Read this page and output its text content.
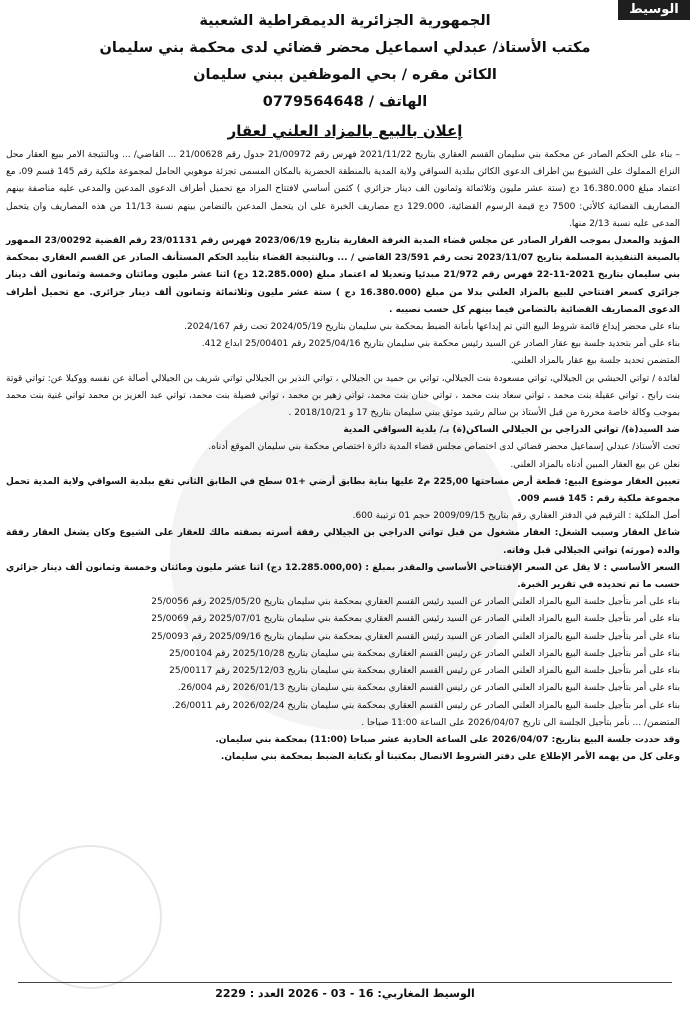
الوسيط
الجمهورية الجزائرية الديمقراطية الشعبية
مكتب الأستاذ/ عبدلي اسماعيل محضر قضائي لدى محكمة بني سليمان
الكائن مقره / بحي الموظفين ببني سليمان
الهاتف / 0779564648
إعلان بالبيع بالمزاد العلني لعقار

– بناء على الحكم الصادر عن محكمة بني سليمان القسم العقاري بتاريخ 2021/11/22 فهرس رقم 21/00972 جدول رقم 21/00628 ... القاضي/ ... وبالنتيجة الامر ببيع العقار محل النزاع المملوك على الشيوع بين اطراف الدعوى الكائن ببلدية السواقي ولاية المدية بالمنطقة الحضرية بالمكان المسمى تجزئة موهوبي الحامل لمجموعة ملكية رقم 145 قسم 09، مع اعتماد مبلغ 16.380.000 دج (ستة عشر مليون وثلاثمائة وثمانون الف دينار جزائري ) كثمن أساسي لافتتاح المزاد مع تحميل أطراف الدعوى المدعين والمدعى عليه مناصفة بينهم المصاريف القضائية كالأتي: 7500 دج قيمة الرسوم القضائية، 129.000 دج مصاريف الخبرة على ان يتحمل المدعين بالتضامن بينهم نسبة 11/13 من هذه المصاريف وان يتحمل المدعى عليه نسبة 2/13 منها.

المؤيد والمعدل بموجب القرار الصادر عن مجلس قضاء المدية الغرفة العقارية بتاريخ 2023/06/19 فهرس رقم 23/01131 رقم القضية 23/00292 الممهور بالصيغة التنفيذية المسلمة بتاريخ 2023/11/07 تحت رقم 23/591 القاضي / ... وبالنتيجة القضاء بتأييد الحكم المستأنف الصادر عن القسم العقاري بمحكمة بني سليمان بتاريخ 2021-11-22 فهرس رقم 21/972 مبدئيا وتعديلا له اعتماد مبلغ (12.285.000 دج) اثنا عشر مليون ومائتان وخمسة وثمانون ألف دينار جزائري كسعر افتتاحي للبيع بالمزاد العلني بدلا من مبلغ (16.380.000 دج ) ستة عشر مليون وثلاثمائة وثمانون ألف دينار جزائري. مع تحميل أطراف الدعوى المصاريف القضائية بالتضامن فيما بينهم كل حسب نصيبه .

بناء على محضر إيداع قائمة شروط البيع التي تم إيداعها بأمانة الضبط بمحكمة بني سليمان بتاريخ 2024/05/19 تحت رقم 2024/167.

بناء على أمر بتحديد جلسة بيع عقار الصادر عن السيد رئيس محكمة بني سليمان بتاريخ 2025/04/16 رقم 25/00401 ابداع 412.

المتضمن تحديد جلسة بيع عقار بالمزاد العلني.

لفائدة / تواتي الحبشي بن الجيلالي، تواتي مسعودة بنت الجيلالي، تواتي بن حميد بن الجيلالي ، تواتي النذير بن الجيلالي تواتي شريف بن الجيلالي أصالة عن نفسه ووكيلا عن: تواتي قوتة بنت رابح ، تواتي عقيلة بنت محمد ، تواتي سعاد بنت محمد ، تواتي حنان بنت محمد، تواتي زهير بن محمد ، تواتي فضيلة بنت محمد، تواتي عبد العزيز بن محمد تواتي غنية بنت محمد بموجب وكالة خاصة محررة من قبل الأستاذ بن سالم رشيد موثق ببني سليمان بتاريخ 17 و 2018/10/21 .

ضد السيد(ة)/ تواتي الدراجي بن الجيلالي الساكن(ة) بـ/ بلدية السواقي المدية

تحت الأستاذ/ عبدلي إسماعيل محضر قضائي لدى اختصاص مجلس قضاء المدية دائرة اختصاص محكمة بني سليمان الموقع أدناه.

نعلن عن بيع العقار المبين أدناه بالمزاد العلني.

تعيين العقار موضوع البيع: قطعة أرض مساحتها 225,00 م2 عليها بناية بطابق أرضي +01 سطح في الطابق الثاني تقع ببلدية السواقي ولاية المدية تحمل مجموعة ملكية رقم : 145 قسم 009.

أصل الملكية : الترقيم في الدفتر العقاري رقم بتاريخ 2009/09/15 حجم 01 ترتيبة 600.

شاغل العقار وسبب الشغل: العقار مشغول من قبل تواتي الدراجي بن الجيلالي رفقة أسرته بصفته مالك للعقار على الشيوع وكان يشغل العقار رفقة والده (مورثه) تواتي الجيلالي قبل وفاته.

السعر الأساسي : لا يقل عن السعر الإفتتاحي الأساسي والمقدر بمبلغ : (12.285.000,00 دج) اثنا عشر مليون ومائتان وخمسة وثمانون ألف دينار جزائري حسب ما تم تحديده في تقرير الخبرة.

بناء على أمر بتأجيل جلسة البيع بالمزاد العلني الصادر عن السيد رئيس القسم العقاري بمحكمة بني سليمان بتاريخ 2025/05/20 رقم 25/0056

بناء على أمر بتأجيل جلسة البيع بالمزاد العلني الصادر عن السيد رئيس القسم العقاري بمحكمة بني سليمان بتاريخ 2025/07/01 رقم 25/0069

بناء على أمر بتأجيل جلسة البيع بالمزاد العلني الصادر عن السيد رئيس القسم العقاري بمحكمة بني سليمان بتاريخ 2025/09/16 رقم 25/0093

بناء على أمر بتأجيل جلسة البيع بالمزاد العلني الصادر عن رئيس القسم العقاري بمحكمة بني سليمان بتاريخ 2025/10/28 رقم 25/00104

بناء على أمر بتأجيل جلسة البيع بالمزاد العلني الصادر عن رئيس القسم العقاري بمحكمة بني سليمان بتاريخ 2025/12/03 رقم 25/00117

بناء على أمر بتأجيل جلسة البيع بالمزاد العلني الصادر عن رئيس القسم العقاري بمحكمة بني سليمان بتاريخ 2026/01/13 رقم 26/004.

بناء على أمر بتأجيل جلسة البيع بالمزاد العلني الصادر عن رئيس القسم العقاري بمحكمة بني سليمان بتاريخ 2026/02/24 رقم 26/0011.

المتضمن/ ... نأمر بتأجيل الجلسة الى تاريخ 2026/04/07 على الساعة 11:00 صباحا .

وقد حددت جلسة البيع بتاريخ: 2026/04/07 على الساعة الحادية عشر صباحا (11:00) بمحكمة بني سليمان.

وعلى كل من يهمه الأمر الإطلاع على دفتر الشروط الاتصال بمكتبنا أو بكتابة الضبط بمحكمة بني سليمان.

الوسيط المغاربي: 16 - 03 - 2026 العدد : 2229
